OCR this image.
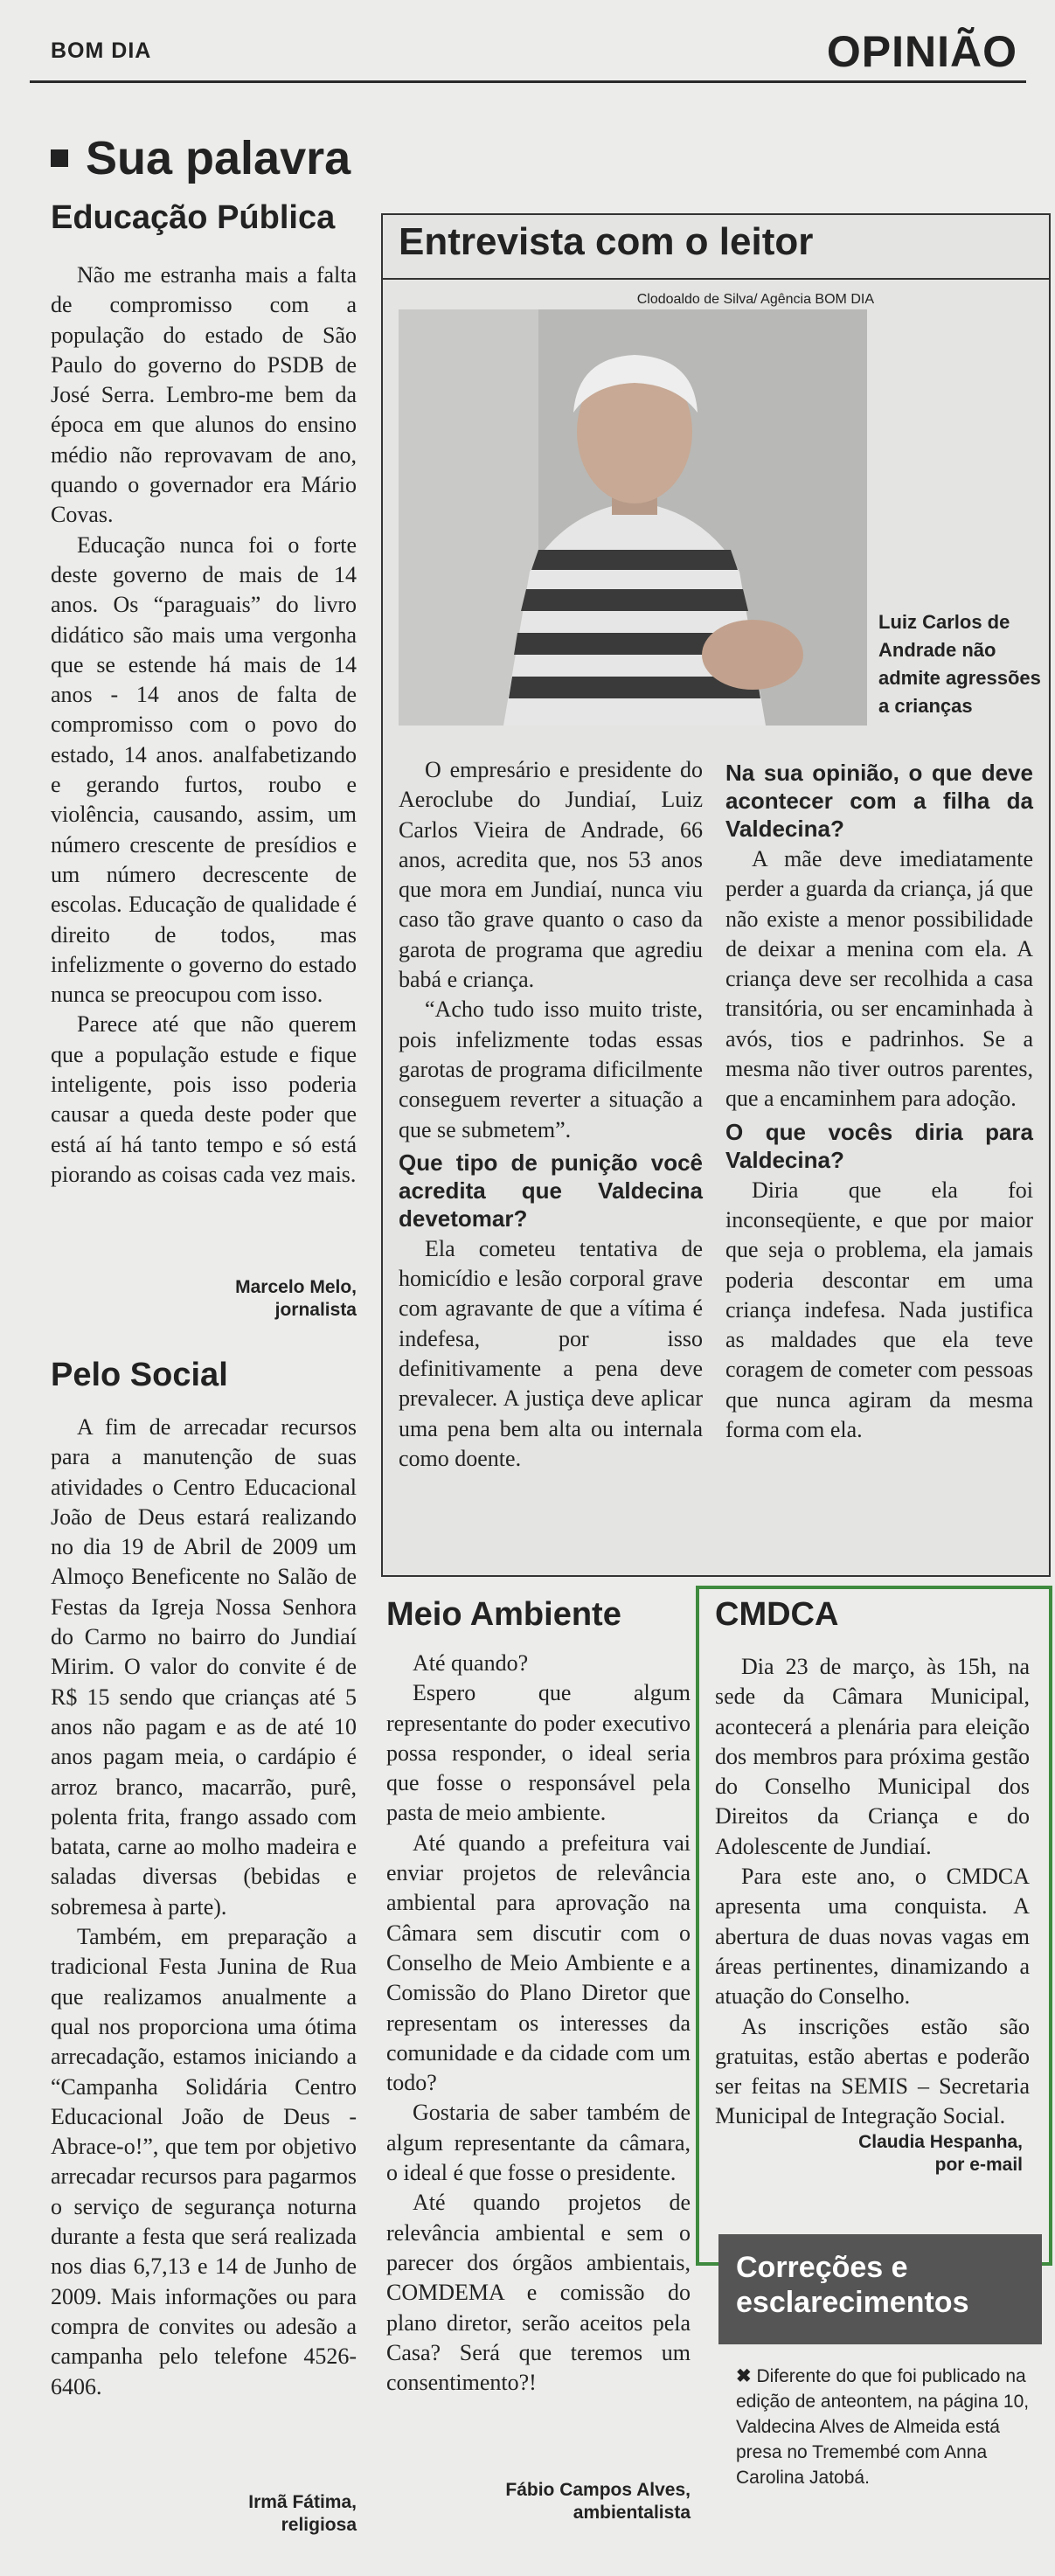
BOM DIA	OPINIÃO
Sua palavra
Educação Pública

Não me estranha mais a falta de compromisso com a população do estado de São Paulo do governo do PSDB de José Serra. Lembro-me bem da época em que alunos do ensino médio não reprovavam de ano, quando o governador era Mário Covas.

Educação nunca foi o forte deste governo de mais de 14 anos. Os “paraguais” do livro didático são mais uma vergonha que se estende há mais de 14 anos - 14 anos de falta de compromisso com o povo do estado, 14 anos. analfabetizando e gerando furtos, roubo e violência, causando, assim, um número crescente de presídios e um número decrescente de escolas. Educação de qualidade é direito de todos, mas infelizmente o governo do estado nunca se preocupou com isso.

Parece até que não querem que a população estude e fique inteligente, pois isso poderia causar a queda deste poder que está aí há tanto tempo e só está piorando as coisas cada vez mais.

Marcelo Melo,
jornalista
Pelo Social

A fim de arrecadar recursos para a manutenção de suas atividades o Centro Educacional João de Deus estará realizando no dia 19 de Abril de 2009 um Almoço Beneficente no Salão de Festas da Igreja Nossa Senhora do Carmo no bairro do Jundiaí Mirim. O valor do convite é de R$ 15 sendo que crianças até 5 anos não pagam e as de até 10 anos pagam meia, o cardápio é arroz branco, macarrão, purê, polenta frita, frango assado com batata, carne ao molho madeira e saladas diversas (bebidas e sobremesa à parte).

Também, em preparação a tradicional Festa Junina de Rua que realizamos anualmente a qual nos proporciona uma ótima arrecadação, estamos iniciando a “Campanha Solidária Centro Educacional João de Deus - Abrace-o!”, que tem por objetivo arrecadar recursos para pagarmos o serviço de segurança noturna durante a festa que será realizada nos dias 6,7,13 e 14 de Junho de 2009. Mais informações ou para compra de convites ou adesão a campanha pelo telefone 4526-6406.

Irmã Fátima,
religiosa
Entrevista com o leitor
Clodoaldo de Silva/ Agência BOM DIA
Luiz Carlos de Andrade não admite agressões a crianças

O empresário e presidente do Aeroclube do Jundiaí, Luiz Carlos Vieira de Andrade, 66 anos, acredita que, nos 53 anos que mora em Jundiaí, nunca viu caso tão grave quanto o caso da garota de programa que agrediu babá e criança.

“Acho tudo isso muito triste, pois infelizmente todas essas garotas de programa dificilmente conseguem reverter a situação a que se submetem”.

Que tipo de punição você acredita que Valdecina devetomar?

Ela cometeu tentativa de homicídio e lesão corporal grave com agravante de que a vítima é indefesa, por isso definitivamente a pena deve prevalecer. A justiça deve aplicar uma pena bem alta ou internala como doente.

Na sua opinião, o que deve acontecer com a filha da Valdecina?

A mãe deve imediatamente perder a guarda da criança, já que não existe a menor possibilidade de deixar a menina com ela. A criança deve ser recolhida a casa transitória, ou ser encaminhada à avós, tios e padrinhos. Se a mesma não tiver outros parentes, que a encaminhem para adoção.

O que vocês diria para Valdecina?

Diria que ela foi inconseqüente, e que por maior que seja o problema, ela jamais poderia descontar em uma criança indefesa. Nada justifica as maldades que ela teve coragem de cometer com pessoas que nunca agiram da mesma forma com ela.

Meio Ambiente

Até quando?

Espero que algum representante do poder executivo possa responder, o ideal seria que fosse o responsável pela pasta de meio ambiente.

Até quando a prefeitura vai enviar projetos de relevância ambiental para aprovação na Câmara sem discutir com o Conselho de Meio Ambiente e a Comissão do Plano Diretor que representam os interesses da comunidade e da cidade com um todo?

Gostaria de saber também de algum representante da câmara, o ideal é que fosse o presidente.

Até quando projetos de relevância ambiental e sem o parecer dos órgãos ambientais, COMDEMA e comissão do plano diretor, serão aceitos pela Casa? Será que teremos um consentimento?!

Fábio Campos Alves,
ambientalista
CMDCA

Dia 23 de março, às 15h, na sede da Câmara Municipal, acontecerá a plenária para eleição dos membros para próxima gestão do Conselho Municipal dos Direitos da Criança e do Adolescente de Jundiaí.

Para este ano, o CMDCA apresenta uma conquista. A abertura de duas novas vagas em áreas pertinentes, dinamizando a atuação do Conselho.

As inscrições estão são gratuitas, estão abertas e poderão ser feitas na SEMIS – Secretaria Municipal de Integração Social.

Claudia Hespanha,
por e-mail
Correções e
esclarecimentos
✖ Diferente do que foi publicado na edição de anteontem, na página 10, Valdecina Alves de Almeida está presa no Tremembé com Anna Carolina Jatobá.
